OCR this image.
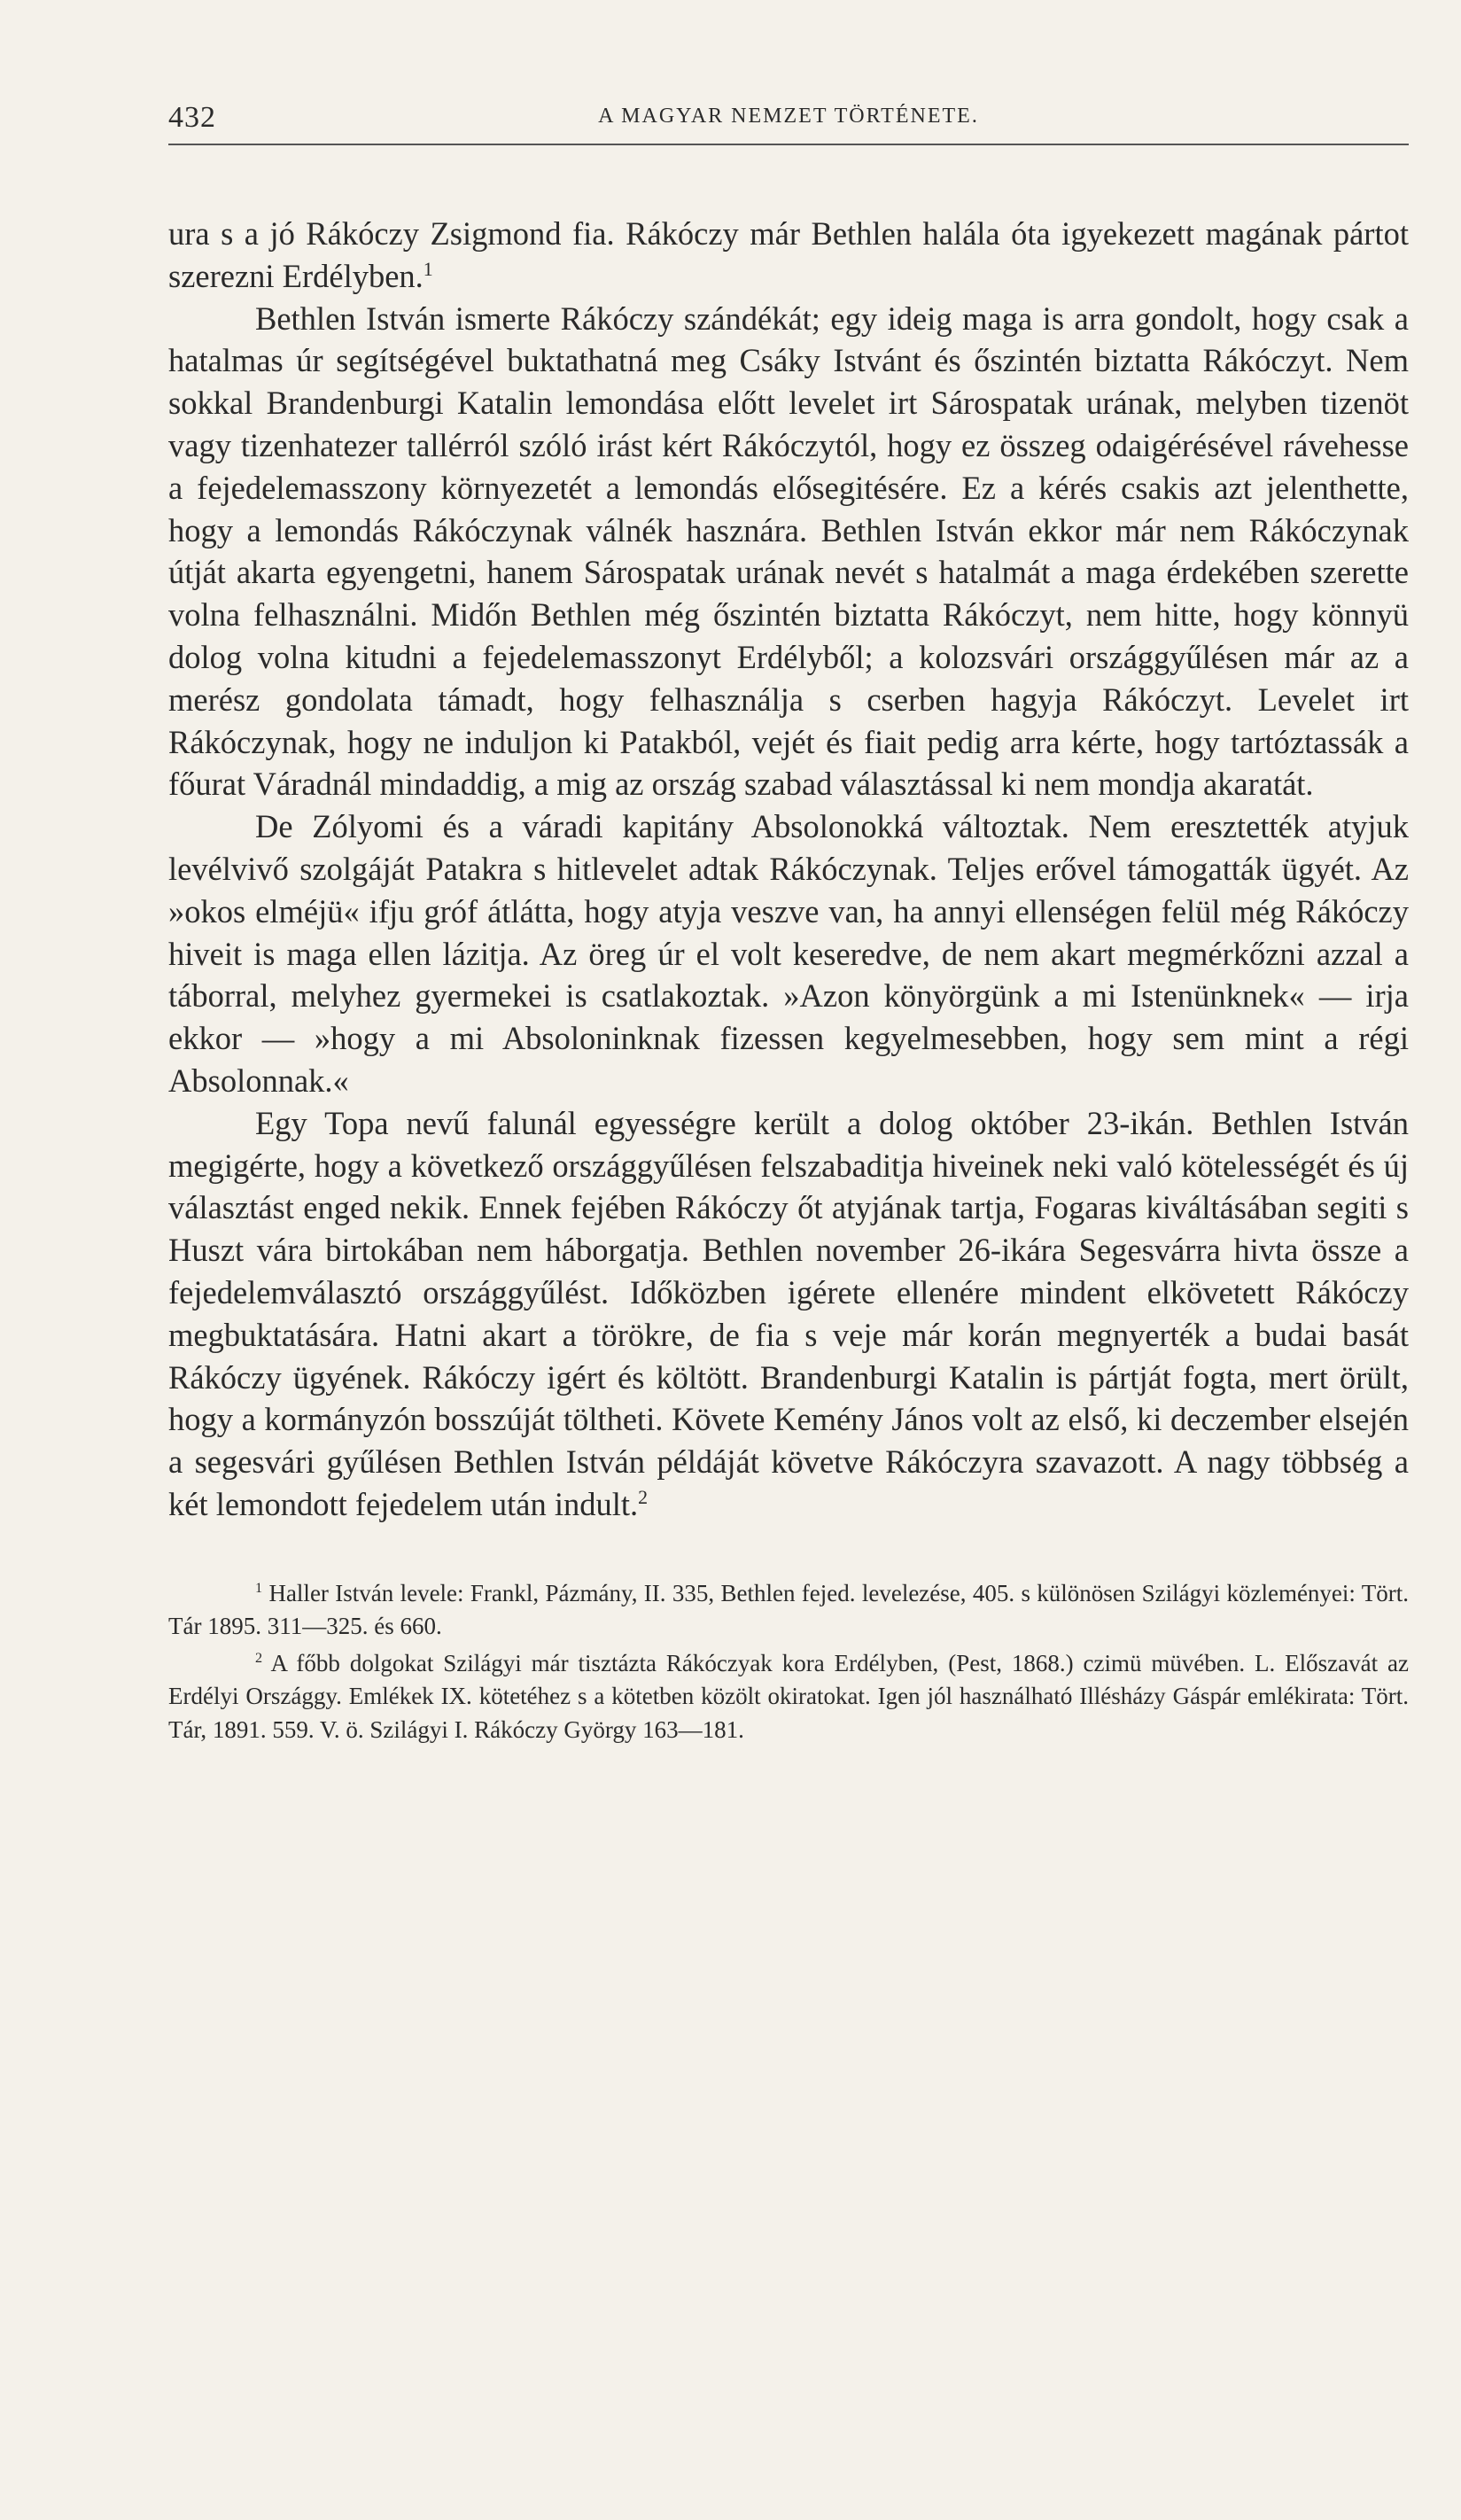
432	A MAGYAR NEMZET TÖRTÉNETE.

ura s a jó Rákóczy Zsigmond fia. Rákóczy már Bethlen halála óta igyekezett magának pártot szerezni Erdélyben.$^1$

Bethlen István ismerte Rákóczy szándékát; egy ideig maga is arra gondolt, hogy csak a hatalmas úr segítségével buktathatná meg Csáky Istvánt és őszintén biztatta Rákóczyt. Nem sokkal Brandenburgi Katalin lemondása előtt levelet irt Sárospatak urának, melyben tizenöt vagy tizenhatezer tallérról szóló irást kért Rákóczytól, hogy ez összeg odaigérésével rávehesse a fejedelemasszony környezetét a lemondás elősegitésére. Ez a kérés csakis azt jelenthette, hogy a lemondás Rákóczynak válnék hasznára. Bethlen István ekkor már nem Rákóczynak útját akarta egyengetni, hanem Sárospatak urának nevét s hatalmát a maga érdekében szerette volna felhasználni. Midőn Bethlen még őszintén biztatta Rákóczyt, nem hitte, hogy könnyü dolog volna kitudni a fejedelemasszonyt Erdélyből; a kolozsvári országgyűlésen már az a merész gondolata támadt, hogy felhasználja s cserben hagyja Rákóczyt. Levelet irt Rákóczynak, hogy ne induljon ki Patakból, vejét és fiait pedig arra kérte, hogy tartóztassák a főurat Váradnál mindaddig, a mig az ország szabad választással ki nem mondja akaratát.

De Zólyomi és a váradi kapitány Absolonokká változtak. Nem eresztették atyjuk levélvivő szolgáját Patakra s hitlevelet adtak Rákóczynak. Teljes erővel támogatták ügyét. Az »okos elméjü« ifju gróf átlátta, hogy atyja veszve van, ha annyi ellenségen felül még Rákóczy hiveit is maga ellen lázitja. Az öreg úr el volt keseredve, de nem akart megmérkőzni azzal a táborral, melyhez gyermekei is csatlakoztak. »Azon könyörgünk a mi Istenünknek« — irja ekkor — »hogy a mi Absoloninknak fizessen kegyelmesebben, hogy sem mint a régi Absolonnak.«

Egy Topa nevű falunál egyességre került a dolog október 23-ikán. Bethlen István megigérte, hogy a következő országgyűlésen felszabaditja hiveinek neki való kötelességét és új választást enged nekik. Ennek fejében Rákóczy őt atyjának tartja, Fogaras kiváltásában segiti s Huszt vára birtokában nem háborgatja. Bethlen november 26-ikára Segesvárra hivta össze a fejedelemválasztó országgyűlést. Időközben igérete ellenére mindent elkövetett Rákóczy megbuktatására. Hatni akart a törökre, de fia s veje már korán megnyerték a budai basát Rákóczy ügyének. Rákóczy igért és költött. Brandenburgi Katalin is pártját fogta, mert örült, hogy a kormányzón bosszúját töltheti. Követe Kemény János volt az első, ki deczember elsején a segesvári gyűlésen Bethlen István példáját követve Rákóczyra szavazott. A nagy többség a két lemondott fejedelem után indult.$^2$

$^1$ Haller István levele: Frankl, Pázmány, II. 335, Bethlen fejed. levelezése, 405. s különösen Szilágyi közleményei: Tört. Tár 1895. 311—325. és 660.

$^2$ A főbb dolgokat Szilágyi már tisztázta Rákóczyak kora Erdélyben, (Pest, 1868.) czimü müvében. L. Előszavát az Erdélyi Országgy. Emlékek IX. kötetéhez s a kötetben közölt okiratokat. Igen jól használható Illésházy Gáspár emlékirata: Tört. Tár, 1891. 559. V. ö. Szilágyi I. Rákóczy György 163—181.
